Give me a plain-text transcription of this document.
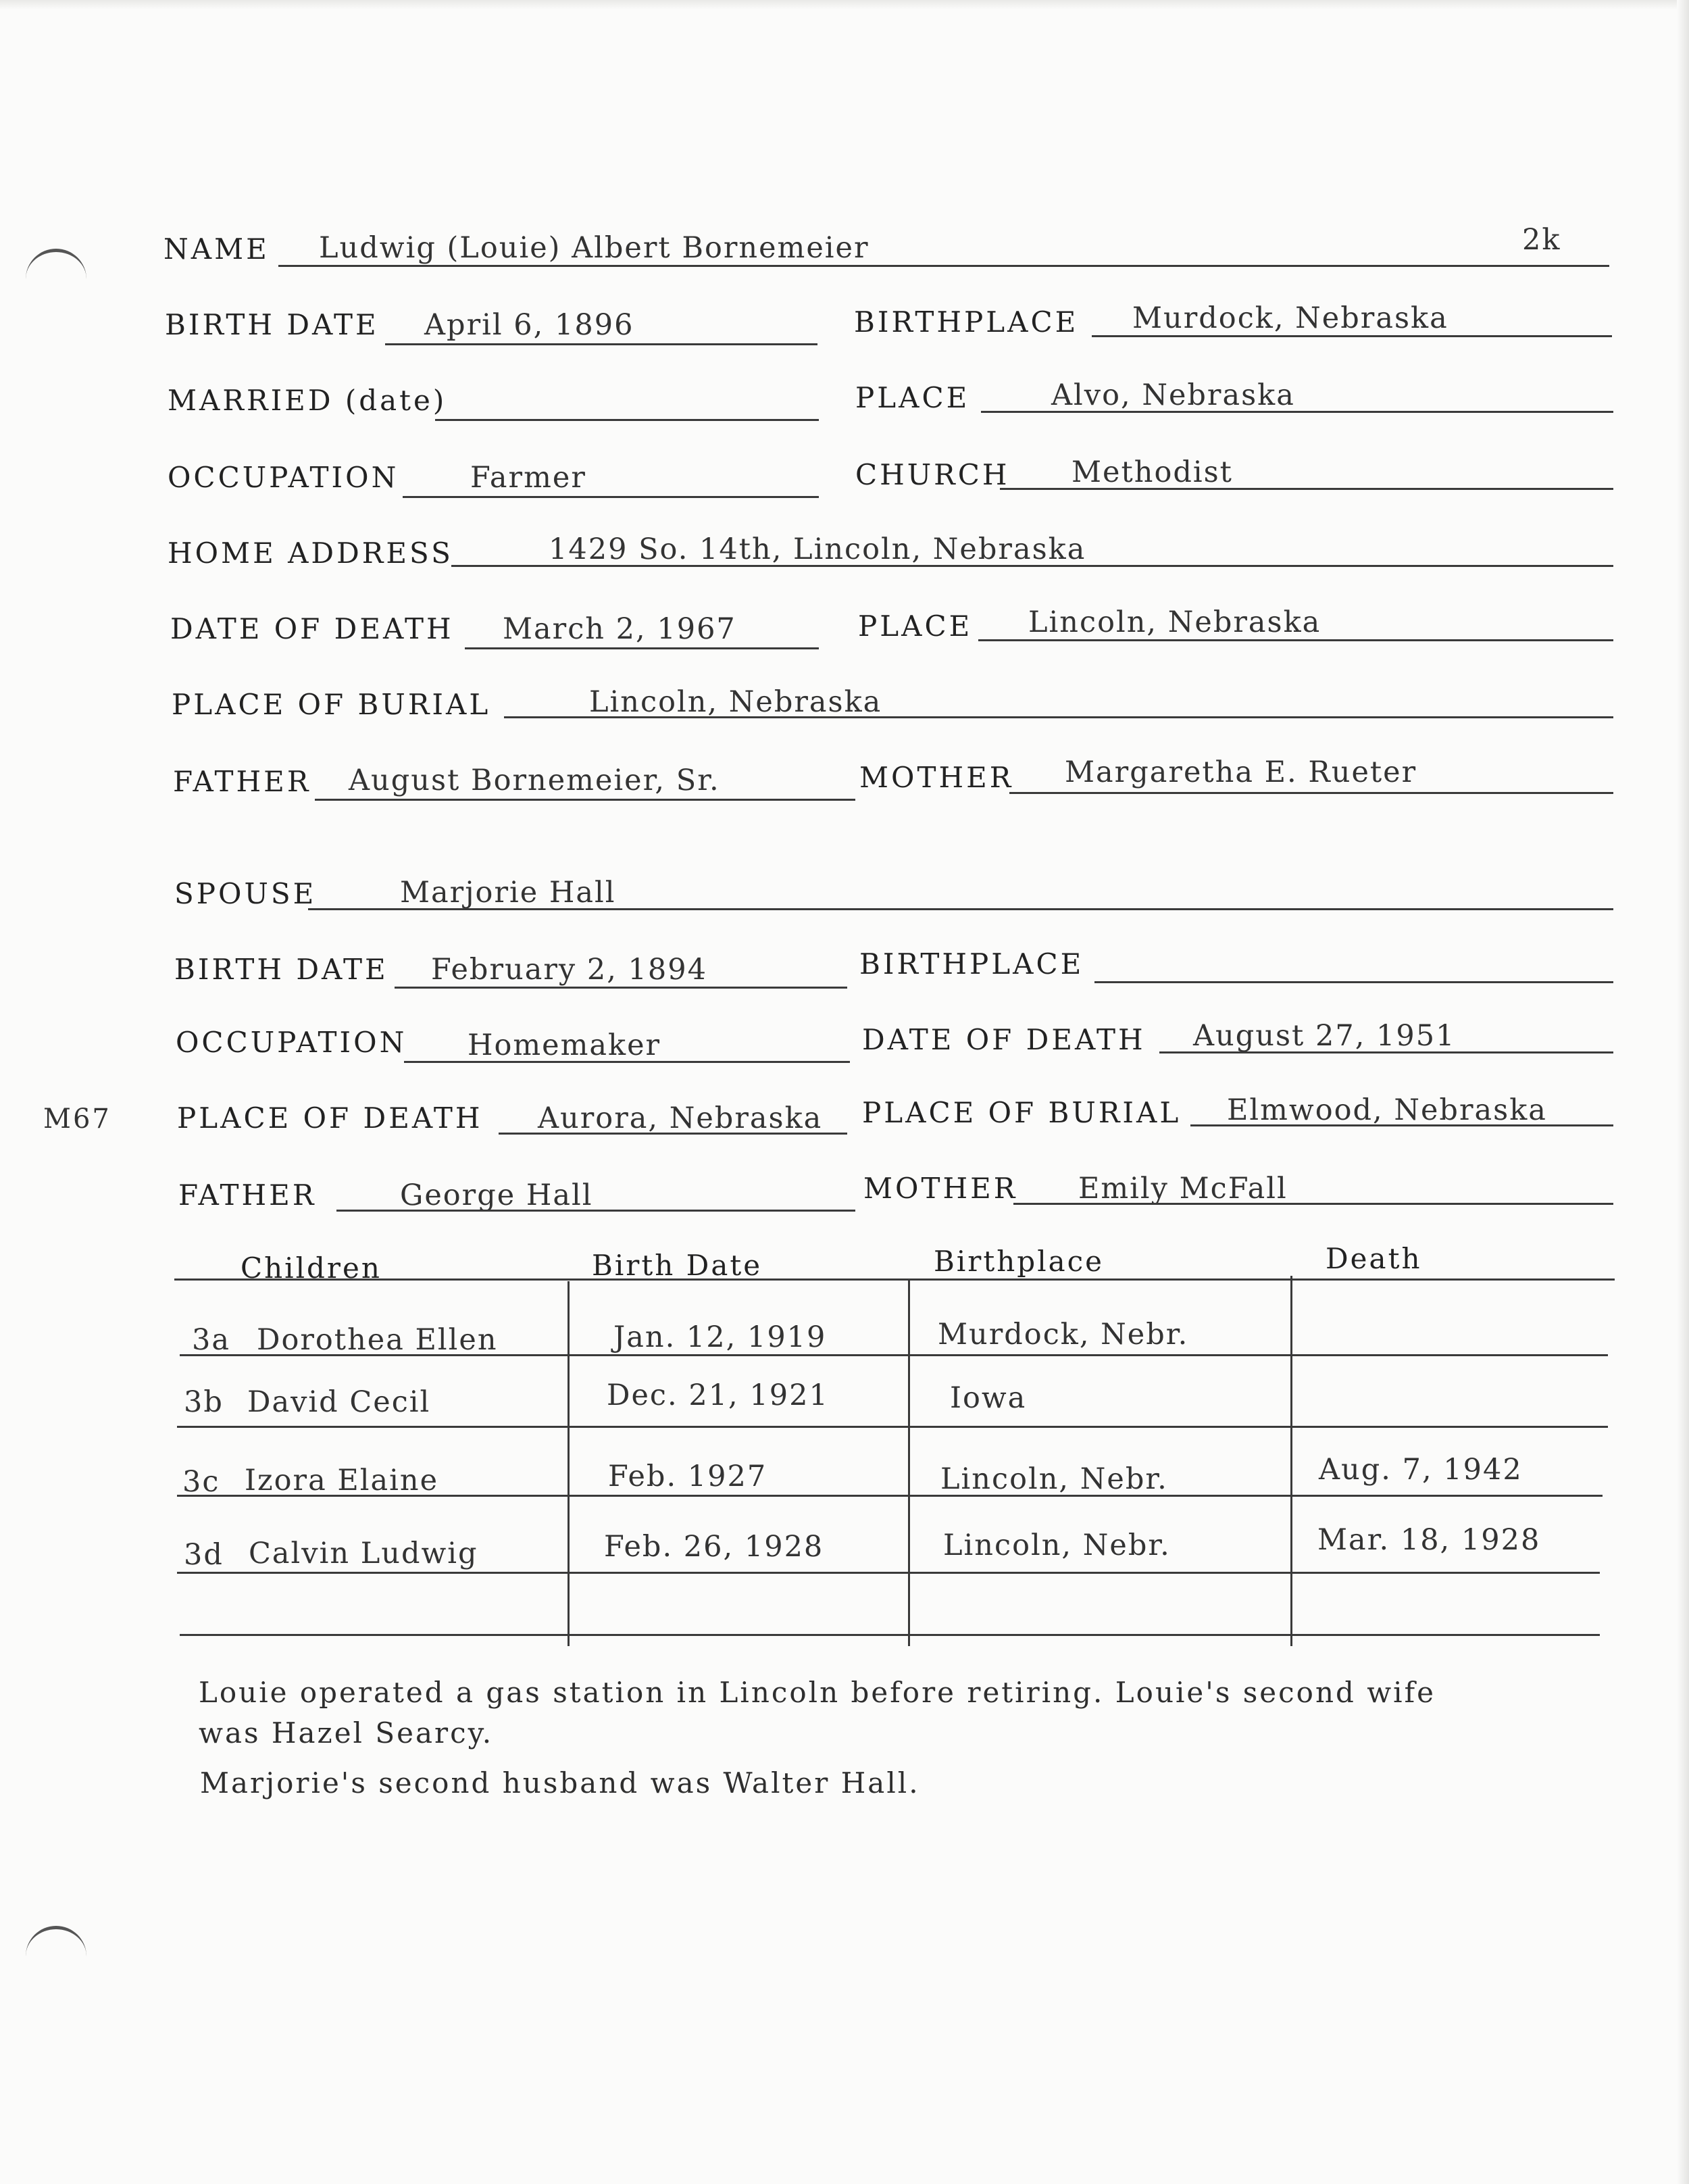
2k
M67
NAME Ludwig (Louie) Albert Bornemeier
BIRTH DATE April 6, 1896	BIRTHPLACE Murdock, Nebraska
MARRIED (date)	PLACE	Alvo, Nebraska
OCCUPATION Farmer	CHURCH Methodist
HOME ADDRESS	1429 So. 14th, Lincoln, Nebraska
DATE OF DEATH March 2, 1967	PLACE Lincoln, Nebraska
PLACE OF BURIAL	Lincoln, Nebraska
FATHER August Bornemeier, Sr.	MOTHER Margaretha E. Rueter
SPOUSE	Marjorie Hall
BIRTH DATE February 2, 1894	BIRTHPLACE
OCCUPATION Homemaker	DATE OF DEATH August 27, 1951
PLACE OF DEATH Aurora, Nebraska PLACE OF BURIAL Elmwood, Nebraska
FATHER	George Hall	MOTHER Emily McFall
Children	Birth Date	Birthplace	Death
3a Dorothea Ellen	Jan. 12, 1919	Murdock, Nebr.
3b David Cecil	Dec. 21, 1921	Iowa
3c Izora Elaine	Feb. 1927	Lincoln, Nebr.	Aug. 7, 1942
3d Calvin Ludwig	Feb. 26, 1928	Lincoln, Nebr.	Mar. 18, 1928
Louie operated a gas station in Lincoln before retiring. Louie's second wife
was Hazel Searcy.
Marjorie's second husband was Walter Hall.
